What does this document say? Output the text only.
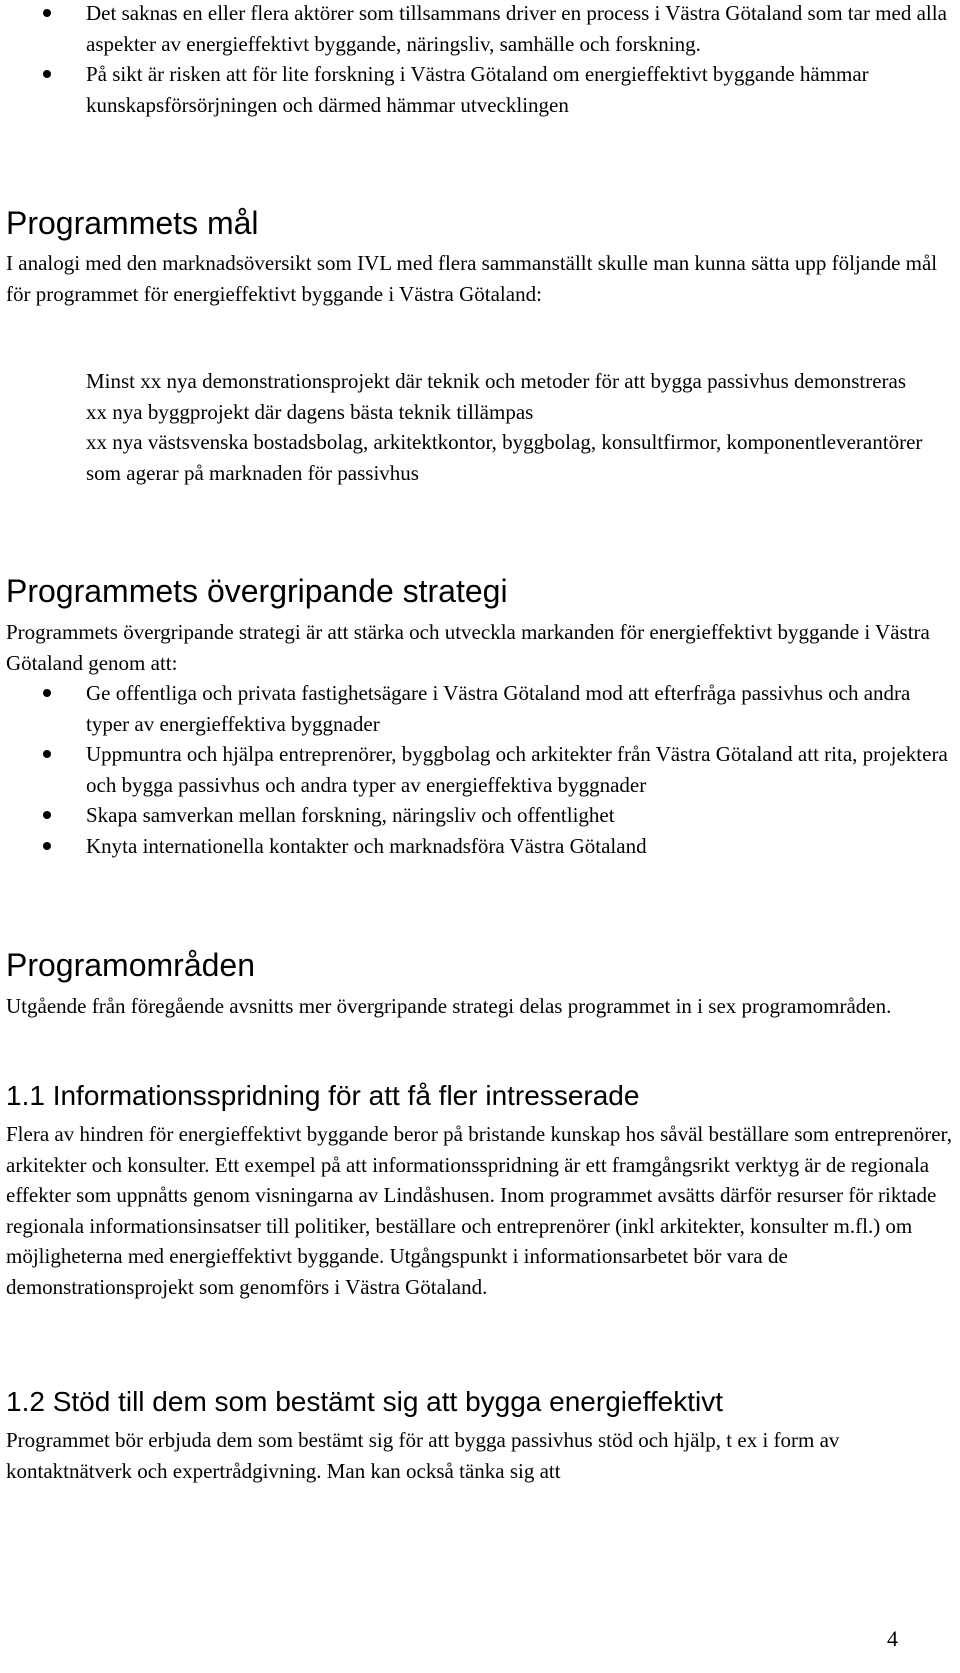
Det saknas en eller flera aktörer som tillsammans driver en process i Västra Götaland som tar med alla aspekter av energieffektivt byggande, näringsliv, samhälle och forskning.
På sikt är risken att för lite forskning i Västra Götaland om energieffektivt byggande hämmar kunskapsförsörjningen och därmed hämmar utvecklingen
Programmets mål

I analogi med den marknadsöversikt som IVL med flera sammanställt skulle man kunna sätta upp följande mål för programmet för energieffektivt byggande i Västra Götaland:

Minst xx nya demonstrationsprojekt där teknik och metoder för att bygga passivhus demonstreras
xx nya byggprojekt där dagens bästa teknik tillämpas
xx nya västsvenska bostadsbolag, arkitektkontor, byggbolag, konsultfirmor, komponentleverantörer som agerar på marknaden för passivhus
Programmets övergripande strategi

Programmets övergripande strategi är att stärka och utveckla markanden för energieffektivt byggande i Västra Götaland genom att:

Ge offentliga och privata fastighetsägare i Västra Götaland mod att efterfråga passivhus och andra typer av energieffektiva byggnader
Uppmuntra och hjälpa entreprenörer, byggbolag och arkitekter från Västra Götaland att rita, projektera och bygga passivhus och andra typer av energieffektiva byggnader
Skapa samverkan mellan forskning, näringsliv och offentlighet
Knyta internationella kontakter och marknadsföra Västra Götaland
Programområden

Utgående från föregående avsnitts mer övergripande strategi delas programmet in i sex programområden.

1.1 Informationsspridning för att få fler intresserade

Flera av hindren för energieffektivt byggande beror på bristande kunskap hos såväl beställare som entreprenörer, arkitekter och konsulter. Ett exempel på att informationsspridning är ett framgångsrikt verktyg är de regionala effekter som uppnåtts genom visningarna av Lindåshusen. Inom programmet avsätts därför resurser för riktade regionala informationsinsatser till politiker, beställare och entreprenörer (inkl arkitekter, konsulter m.fl.) om möjligheterna med energieffektivt byggande. Utgångspunkt i informationsarbetet bör vara de demonstrationsprojekt som genomförs i Västra Götaland.

1.2 Stöd till dem som bestämt sig att bygga energieffektivt

Programmet bör erbjuda dem som bestämt sig för att bygga passivhus stöd och hjälp, t ex i form av kontaktnätverk och expertrådgivning. Man kan också tänka sig att

4
